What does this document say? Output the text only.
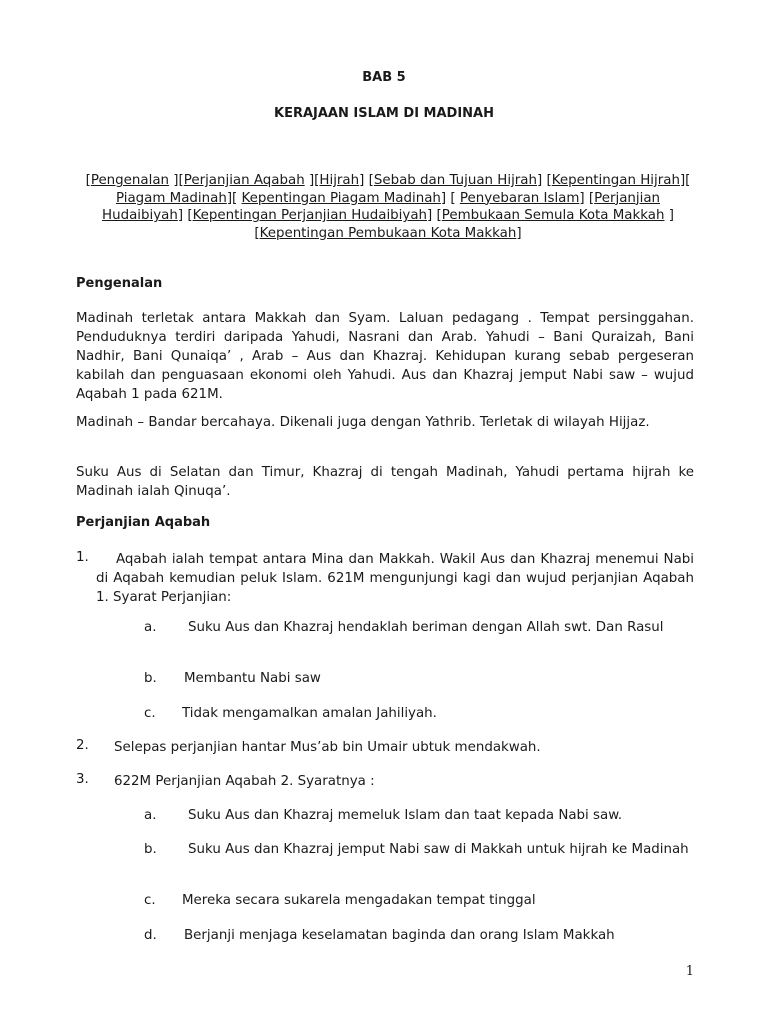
BAB 5
KERAJAAN ISLAM DI MADINAH
[Pengenalan ][Perjanjian Aqabah ][Hijrah] [Sebab dan Tujuan Hijrah] [Kepentingan Hijrah][ Piagam Madinah][ Kepentingan Piagam Madinah] [ Penyebaran Islam] [Perjanjian Hudaibiyah] [Kepentingan Perjanjian Hudaibiyah] [Pembukaan Semula Kota Makkah ][Kepentingan Pembukaan Kota Makkah]
Pengenalan

Madinah terletak antara Makkah dan Syam. Laluan pedagang . Tempat persinggahan. Penduduknya terdiri daripada Yahudi, Nasrani dan Arab. Yahudi – Bani Quraizah, Bani Nadhir, Bani Qunaiqa’ , Arab – Aus dan Khazraj. Kehidupan kurang sebab pergeseran kabilah dan penguasaan ekonomi oleh Yahudi. Aus dan Khazraj jemput Nabi saw – wujud Aqabah 1 pada 621M.

Madinah – Bandar bercahaya. Dikenali juga dengan Yathrib. Terletak di wilayah Hijjaz.

Suku Aus di Selatan dan Timur, Khazraj di tengah Madinah, Yahudi pertama hijrah ke Madinah ialah Qinuqa’.

Perjanjian Aqabah
1.	Aqabah ialah tempat antara Mina dan Makkah. Wakil Aus dan Khazraj menemui Nabi di Aqabah kemudian peluk Islam. 621M mengunjungi kagi dan wujud perjanjian Aqabah 1. Syarat Perjanjian:
a.	Suku Aus dan Khazraj hendaklah beriman dengan Allah swt. Dan Rasul
b. Membantu Nabi saw
c. Tidak mengamalkan amalan Jahiliyah.
2. Selepas perjanjian hantar Mus’ab bin Umair ubtuk mendakwah.
3. 622M Perjanjian Aqabah 2. Syaratnya :
a. Suku Aus dan Khazraj memeluk Islam dan taat kepada Nabi saw.
b.	Suku Aus dan Khazraj jemput Nabi saw di Makkah untuk hijrah ke Madinah
c. Mereka secara sukarela mengadakan tempat tinggal
d. Berjanji menjaga keselamatan baginda dan orang Islam Makkah
1
